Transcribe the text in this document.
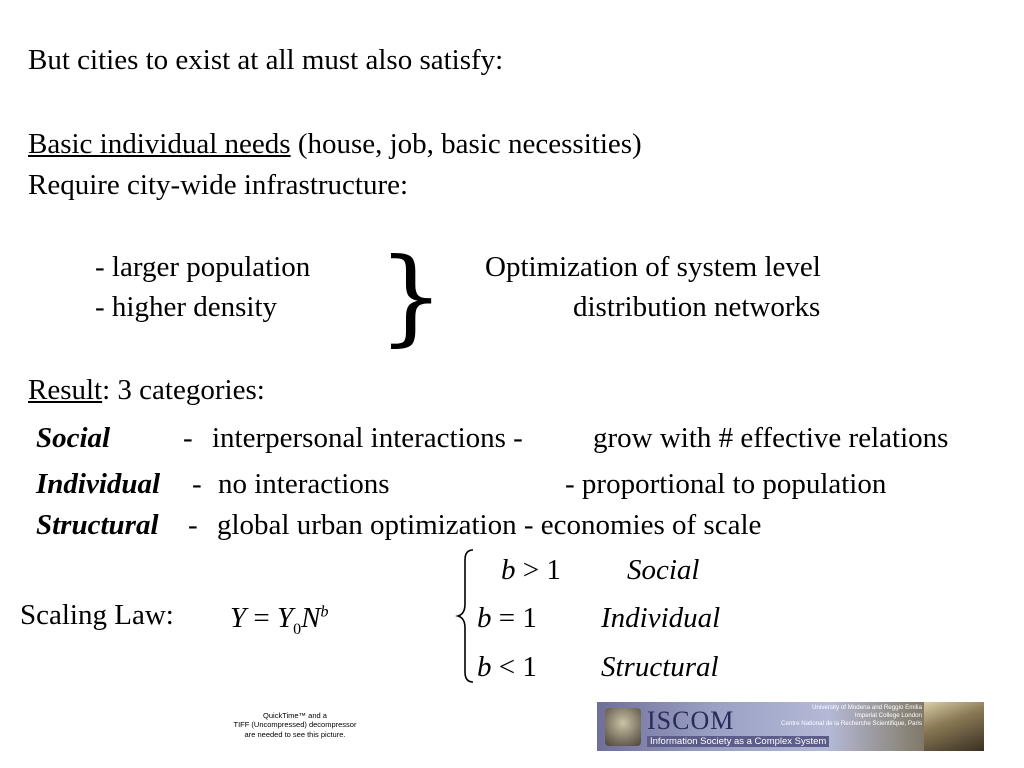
But cities to exist at all must also satisfy:
Basic individual needs (house, job, basic necessities)
Require city-wide infrastructure:
- larger population
- higher density } Optimization of system level
distribution networks
Result: 3 categories:
Social	- interpersonal interactions - grow with # effective relations
Individual - no interactions	- proportional to population
Structural - global urban optimization - economies of scale
Scaling Law: $Y = Y_0N^b$
b > 1 Social
b = 1 Individual
b < 1 Structural
QuickTime™ and a
TIFF (Uncompressed) decompressor
are needed to see this picture.	ISCOM
Information Society as a Complex System
University of Modena and Reggio Emilia
Imperial College London
Centre National de la Recherche Scientifique, Paris
